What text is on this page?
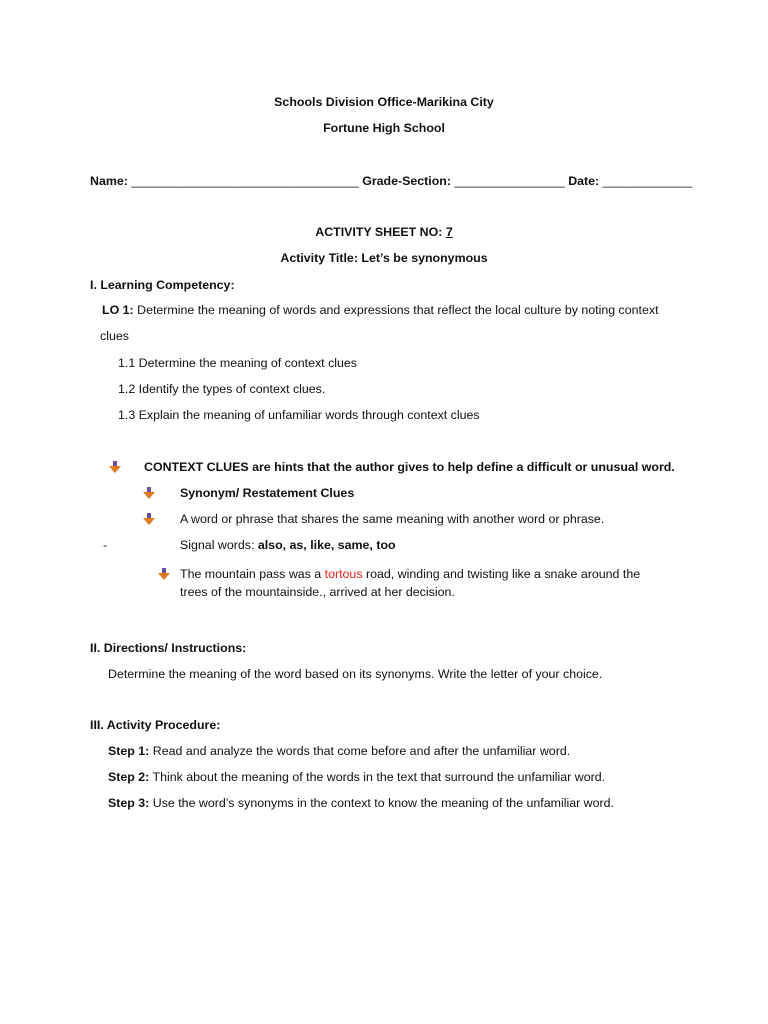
Schools Division Office-Marikina City
Fortune High School
Name: _________________________________ Grade-Section: ________________ Date: _____________
ACTIVITY SHEET NO: 7
Activity Title: Let’s be synonymous
I. Learning Competency:
LO 1: Determine the meaning of words and expressions that reflect the local culture by noting context
clues
1.1 Determine the meaning of context clues
1.2 Identify the types of context clues.
1.3 Explain the meaning of unfamiliar words through context clues
CONTEXT CLUES are hints that the author gives to help define a difficult or unusual word.
Synonym/ Restatement Clues
A word or phrase that shares the same meaning with another word or phrase.
-	Signal words: also, as, like, same, too
The mountain pass was a tortous road, winding and twisting like a snake around the
trees of the mountainside., arrived at her decision.
II. Directions/ Instructions:
Determine the meaning of the word based on its synonyms. Write the letter of your choice.
III. Activity Procedure:
Step 1: Read and analyze the words that come before and after the unfamiliar word.
Step 2: Think about the meaning of the words in the text that surround the unfamiliar word.
Step 3: Use the word’s synonyms in the context to know the meaning of the unfamiliar word.
